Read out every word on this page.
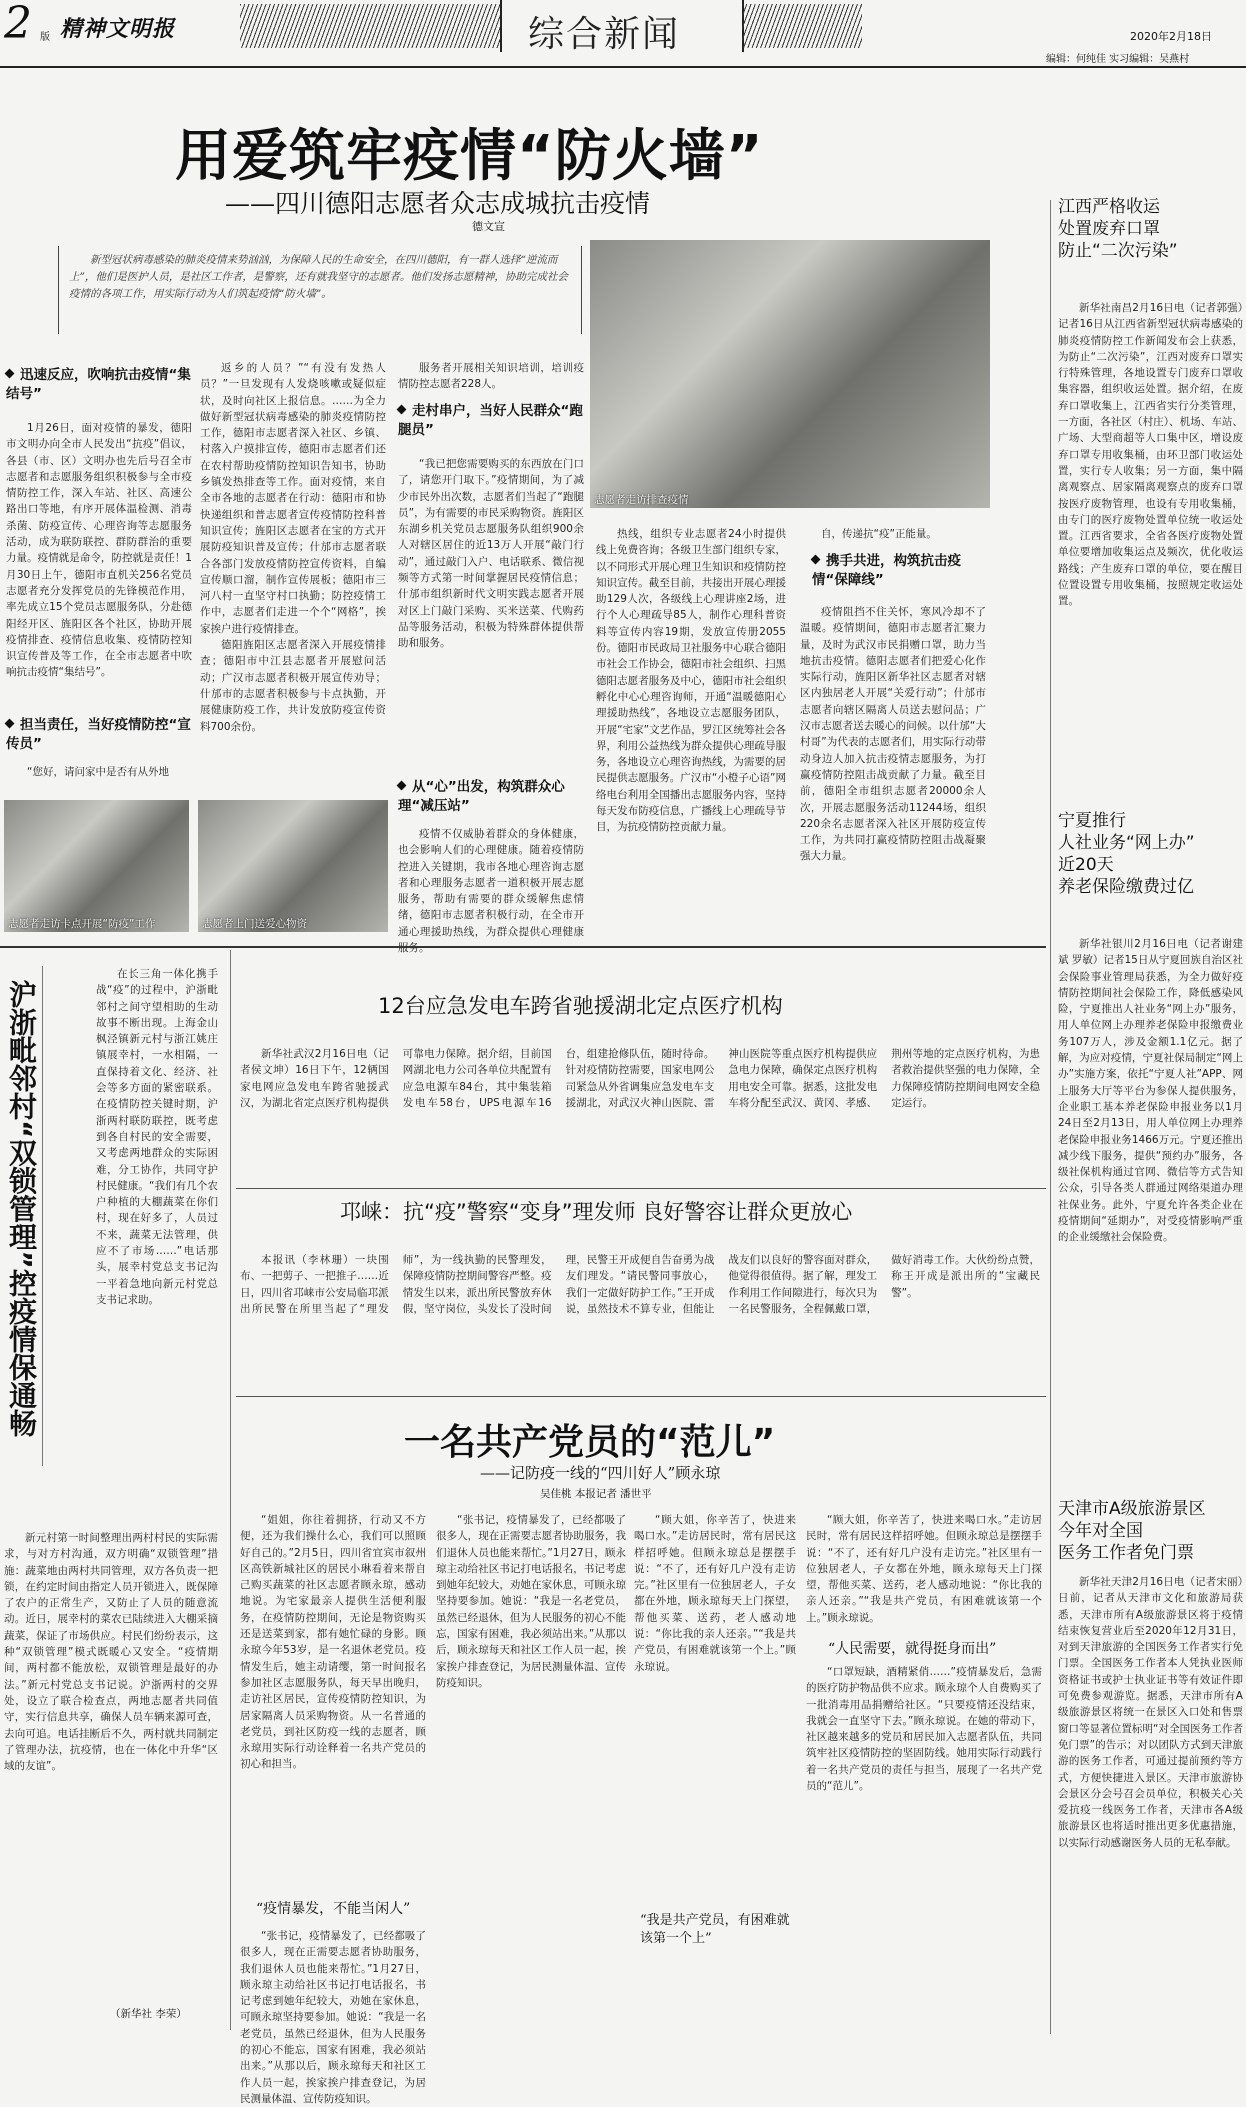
2 版 精神文明报	综合新闻	2020年2月18日
编辑：何纯佳 实习编辑：吴燕村
用爱筑牢疫情“防火墙”
——四川德阳志愿者众志成城抗击疫情
德文宣
新型冠状病毒感染的肺炎疫情来势汹汹，为保障人民的生命安全，在四川德阳，有一群人选择“逆流而上”，他们是医护人员，是社区工作者，是警察，还有就我坚守的志愿者。他们发扬志愿精神，协助完成社会疫情的各项工作，用实际行动为人们筑起疫情“防火墙”。
志愿者走访排查疫情
迅速反应，吹响抗击疫情“集结号”

1月26日，面对疫情的暴发，德阳市文明办向全市人民发出“抗疫”倡议，各县（市、区）文明办也先后号召全市志愿者和志愿服务组织积极参与全市疫情防控工作，深入车站、社区、高速公路出口等地，有序开展体温检测、消毒杀菌、防疫宣传、心理咨询等志愿服务活动，成为联防联控、群防群治的重要力量。疫情就是命令，防控就是责任！1月30日上午，德阳市直机关256名党员志愿者充分发挥党员的先锋模范作用，率先成立15个党员志愿服务队，分赴德阳经开区、旌阳区各个社区，协助开展疫情排查、疫情信息收集、疫情防控知识宣传普及等工作，在全市志愿者中吹响抗击疫情“集结号”。

担当责任，当好疫情防控“宣传员”

“您好，请问家中是否有从外地

返乡的人员？”“有没有发热人员？”一旦发现有人发烧咳嗽或疑似症状，及时向社区上报信息。……为全力做好新型冠状病毒感染的肺炎疫情防控工作，德阳市志愿者深入社区、乡镇、村落入户摸排宣传，德阳市志愿者们还在农村帮助疫情防控知识告知书，协助乡镇发热排查等工作。面对疫情，来自全市各地的志愿者在行动：德阳市和协快递组织和普志愿者宣传疫情防控科普知识宣传；旌阳区志愿者在宝的方式开展防疫知识普及宣传；什邡市志愿者联合各部门发放疫情防控宣传资料，自编宣传顺口溜，制作宣传展板；德阳市三河八村一直坚守村口执勤；防控疫情工作中，志愿者们走进一个个“网格”，挨家挨户进行疫情排查。

德阳旌阳区志愿者深入开展疫情排查；德阳市中江县志愿者开展慰问活动；广汉市志愿者积极开展宣传劝导；什邡市的志愿者积极参与卡点执勤，开展健康防疫工作，共计发放防疫宣传资料700余份。

服务者开展相关知识培训，培训疫情防控志愿者228人。

走村串户，当好人民群众“跑腿员”

“我已把您需要购买的东西放在门口了，请您开门取下。”疫情期间，为了减少市民外出次数，志愿者们当起了“跑腿员”，为有需要的市民采购物资。旌阳区东湖乡机关党员志愿服务队组织900余人对辖区居住的近13万人开展“敲门行动”，通过敲门入户、电话联系、微信视频等方式第一时间掌握居民疫情信息；什邡市组织新时代文明实践志愿者开展对区上门敲门采购、买米送菜、代购药品等服务活动，积极为特殊群体提供帮助和服务。

从“心”出发，构筑群众心理“减压站”

疫情不仅威胁着群众的身体健康，也会影响人们的心理健康。随着疫情防控进入关键期，我市各地心理咨询志愿者和心理服务志愿者一道积极开展志愿服务，帮助有需要的群众缓解焦虑情绪，德阳市志愿者积极行动，在全市开通心理援助热线，为群众提供心理健康服务。

热线，组织专业志愿者24小时提供线上免费咨询；各级卫生部门组织专家，以不同形式开展心理卫生知识和疫情防控知识宣传。截至目前，共接出开展心理援助129人次，各级线上心理讲座2场，进行个人心理疏导85人，制作心理科普资料等宣传内容19期，发放宣传册2055份。德阳市民政局卫社服务中心联合德阳市社会工作协会，德阳市社会组织、扫黑德阳志愿者服务及中心，德阳市社会组织孵化中心心理咨询师，开通“温暖德阳心理援助热线”，各地设立志愿服务团队，开展“宅家”文艺作品，罗江区统筹社会各界，利用公益热线为群众提供心理疏导服务，各地设立心理咨询热线，为需要的居民提供志愿服务。广汉市“小橙子心语”网络电台利用全国播出志愿服务内容，坚持每天发布防疫信息，广播线上心理疏导节目，为抗疫情防控贡献力量。

自，传递抗“疫”正能量。

携手共进，构筑抗击疫情“保障线”

疫情阻挡不住关怀，寒风冷却不了温暖。疫情期间，德阳市志愿者汇聚力量，及时为武汉市民捐赠口罩，助力当地抗击疫情。德阳志愿者们把爱心化作实际行动，旌阳区新华社区志愿者对辖区内独居老人开展“关爱行动”；什邡市志愿者向辖区隔离人员送去慰问品；广汉市志愿者送去暖心的问候。以什邡“大村哥”为代表的志愿者们，用实际行动带动身边人加入抗击疫情志愿服务，为打赢疫情防控阻击战贡献了力量。截至目前，德阳全市组织志愿者20000余人次，开展志愿服务活动11244场，组织220余名志愿者深入社区开展防疫宣传工作，为共同打赢疫情防控阻击战凝聚强大力量。

志愿者走访卡点开展“防疫”工作	志愿者上门送爱心物资
江西严格收运
处置废弃口罩
防止“二次污染”

新华社南昌2月16日电（记者郭强）记者16日从江西省新型冠状病毒感染的肺炎疫情防控工作新闻发布会上获悉，为防止“二次污染”，江西对废弃口罩实行特殊管理，各地设置专门废弃口罩收集容器，组织收运处置。据介绍，在废弃口罩收集上，江西省实行分类管理，一方面，各社区（村庄）、机场、车站、广场、大型商超等人口集中区，增设废弃口罩专用收集桶，由环卫部门收运处置，实行专人收集；另一方面，集中隔离观察点、居家隔离观察点的废弃口罩按医疗废物管理，也设有专用收集桶，由专门的医疗废物处置单位统一收运处置。江西省要求，全省各医疗废物处置单位要增加收集运点及频次，优化收运路线；产生废弃口罩的单位，要在醒目位置设置专用收集桶，按照规定收运处置。

宁夏推行
人社业务“网上办”
近20天
养老保险缴费过亿

新华社银川2月16日电（记者谢建斌 罗敏）记者15日从宁夏回族自治区社会保险事业管理局获悉，为全力做好疫情防控期间社会保险工作，降低感染风险，宁夏推出人社业务“网上办”服务，用人单位网上办理养老保险申报缴费业务107万人，涉及金额1.1亿元。据了解，为应对疫情，宁夏社保局制定“网上办”实施方案，依托“宁夏人社”APP、网上服务大厅等平台为参保人提供服务，企业职工基本养老保险申报业务以1月24日至2月13日，用人单位网上办理养老保险申报业务1466万元。宁夏还推出减少线下服务，提供“预约办”服务，各级社保机构通过官网、微信等方式告知公众，引导各类人群通过网络渠道办理社保业务。此外，宁夏允许各类企业在疫情期间“延期办”，对受疫情影响严重的企业缓缴社会保险费。

天津市A级旅游景区
今年对全国
医务工作者免门票

新华社天津2月16日电（记者宋丽）日前，记者从天津市文化和旅游局获悉，天津市所有A级旅游景区将于疫情结束恢复营业后至2020年12月31日，对到天津旅游的全国医务工作者实行免门票。全国医务工作者本人凭执业医师资格证书或护士执业证书等有效证件即可免费参观游览。据悉，天津市所有A级旅游景区将统一在景区入口处和售票窗口等显著位置标明“对全国医务工作者免门票”的告示；对以团队方式到天津旅游的医务工作者，可通过提前预约等方式，方便快捷进入景区。天津市旅游协会景区分会号召会员单位，积极关心关爱抗疫一线医务工作者，天津市各A级旅游景区也将适时推出更多优惠措施，以实际行动感谢医务人员的无私奉献。

沪浙毗邻村“双锁管理”控疫情保通畅

在长三角一体化携手战“疫”的过程中，沪浙毗邻村之间守望相助的生动故事不断出现。上海金山枫泾镇新元村与浙江姚庄镇展幸村，一水相隔，一直保持着文化、经济、社会等多方面的紧密联系。在疫情防控关键时期，沪浙两村联防联控，既考虑到各自村民的安全需要，又考虑两地群众的实际困难，分工协作，共同守护村民健康。“我们有几个农户种植的大棚蔬菜在你们村，现在好多了，人员过不来，蔬菜无法管理，供应不了市场……”电话那头，展幸村党总支书记沟一平着急地向新元村党总支书记求助。

新元村第一时间整理出两村村民的实际需求，与对方村沟通，双方明确“双锁管理”措施：蔬菜地由两村共同管理，双方各负责一把锁，在约定时间由指定人员开锁进入，既保障了农户的正常生产，又防止了人员的随意流动。近日，展幸村的菜农已陆续进入大棚采摘蔬菜，保证了市场供应。村民们纷纷表示，这种“双锁管理”模式既暖心又安全。“疫情期间，两村都不能放松，双锁管理是最好的办法。”新元村党总支书记说。沪浙两村的交界处，设立了联合检查点，两地志愿者共同值守，实行信息共享，确保人员车辆来源可查，去向可追。电话挂断后不久，两村就共同制定了管理办法，抗疫情，也在一体化中升华“区域的友谊”。

（新华社 李荣）
12台应急发电车跨省驰援湖北定点医疗机构

新华社武汉2月16日电（记者侯文坤）16日下午，12辆国家电网应急发电车跨省驰援武汉，为湖北省定点医疗机构提供可靠电力保障。据介绍，目前国网湖北电力公司各单位共配置有应急电源车84台，其中集装箱发电车58台，UPS电源车16台，组建抢修队伍，随时待命。针对疫情防控需要，国家电网公司紧急从外省调集应急发电车支援湖北，对武汉火神山医院、雷神山医院等重点医疗机构提供应急电力保障，确保定点医疗机构用电安全可靠。据悉，这批发电车将分配至武汉、黄冈、孝感、荆州等地的定点医疗机构，为患者救治提供坚强的电力保障，全力保障疫情防控期间电网安全稳定运行。

邛崃：抗“疫”警察“变身”理发师 良好警容让群众更放心

本报讯（李林珊）一块围布、一把剪子、一把推子……近日，四川省邛崃市公安局临邛派出所民警在所里当起了“理发师”，为一线执勤的民警理发，保障疫情防控期间警容严整。疫情发生以来，派出所民警放弃休假，坚守岗位，头发长了没时间理，民警王开成便自告奋勇为战友们理发。“请民警同事放心，我们一定做好防护工作。”王开成说，虽然技术不算专业，但能让战友们以良好的警容面对群众，他觉得很值得。据了解，理发工作利用工作间隙进行，每次只为一名民警服务，全程佩戴口罩，做好消毒工作。大伙纷纷点赞，称王开成是派出所的“宝藏民警”。

一名共产党员的“范儿”
——记防疫一线的“四川好人”顾永琼
吴佳桃 本报记者 潘世平

“姐姐，你往着拥挤，行动又不方便，还为我们操什么心，我们可以照顾好自己的。”2月5日，四川省宜宾市叙州区高铁新城社区的居民小琳看着来帮自己购买蔬菜的社区志愿者顾永琼，感动地说。为宅家最亲人提供生活便利服务，在疫情防控期间，无论是物资购买还是送菜到家，都有她忙碌的身影。顾永琼今年53岁，是一名退休老党员。疫情发生后，她主动请缨，第一时间报名参加社区志愿服务队，每天早出晚归，走访社区居民，宣传疫情防控知识，为居家隔离人员采购物资。从一名普通的老党员，到社区防疫一线的志愿者，顾永琼用实际行动诠释着一名共产党员的初心和担当。

“疫情暴发，不能当闲人”

“张书记，疫情暴发了，已经都吸了很多人，现在正需要志愿者协助服务，我们退休人员也能来帮忙。”1月27日，顾永琼主动给社区书记打电话报名，书记考虑到她年纪较大，劝她在家休息，可顾永琼坚持要参加。她说：“我是一名老党员，虽然已经退休，但为人民服务的初心不能忘，国家有困难，我必须站出来。”从那以后，顾永琼每天和社区工作人员一起，挨家挨户排查登记，为居民测量体温、宣传防疫知识。

“张书记，疫情暴发了，已经都吸了很多人，现在正需要志愿者协助服务，我们退休人员也能来帮忙。”1月27日，顾永琼主动给社区书记打电话报名，书记考虑到她年纪较大，劝她在家休息，可顾永琼坚持要参加。她说：“我是一名老党员，虽然已经退休，但为人民服务的初心不能忘，国家有困难，我必须站出来。”从那以后，顾永琼每天和社区工作人员一起，挨家挨户排查登记，为居民测量体温、宣传防疫知识。

“顾大姐，你辛苦了，快进来喝口水。”走访居民时，常有居民这样招呼她。但顾永琼总是摆摆手说：“不了，还有好几户没有走访完。”社区里有一位独居老人，子女都在外地，顾永琼每天上门探望，帮他买菜、送药，老人感动地说：“你比我的亲人还亲。”“我是共产党员，有困难就该第一个上。”顾永琼说。

“我是共产党员，有困难就该第一个上”

“顾大姐，你辛苦了，快进来喝口水。”走访居民时，常有居民这样招呼她。但顾永琼总是摆摆手说：“不了，还有好几户没有走访完。”社区里有一位独居老人，子女都在外地，顾永琼每天上门探望，帮他买菜、送药，老人感动地说：“你比我的亲人还亲。”“我是共产党员，有困难就该第一个上。”顾永琼说。

“人民需要，就得挺身而出”

“口罩短缺，酒精紧俏……”疫情暴发后，急需的医疗防护物品供不应求。顾永琼个人自费购买了一批消毒用品捐赠给社区。“只要疫情还没结束，我就会一直坚守下去。”顾永琼说。在她的带动下，社区越来越多的党员和居民加入志愿者队伍，共同筑牢社区疫情防控的坚固防线。她用实际行动践行着一名共产党员的责任与担当，展现了一名共产党员的“范儿”。
